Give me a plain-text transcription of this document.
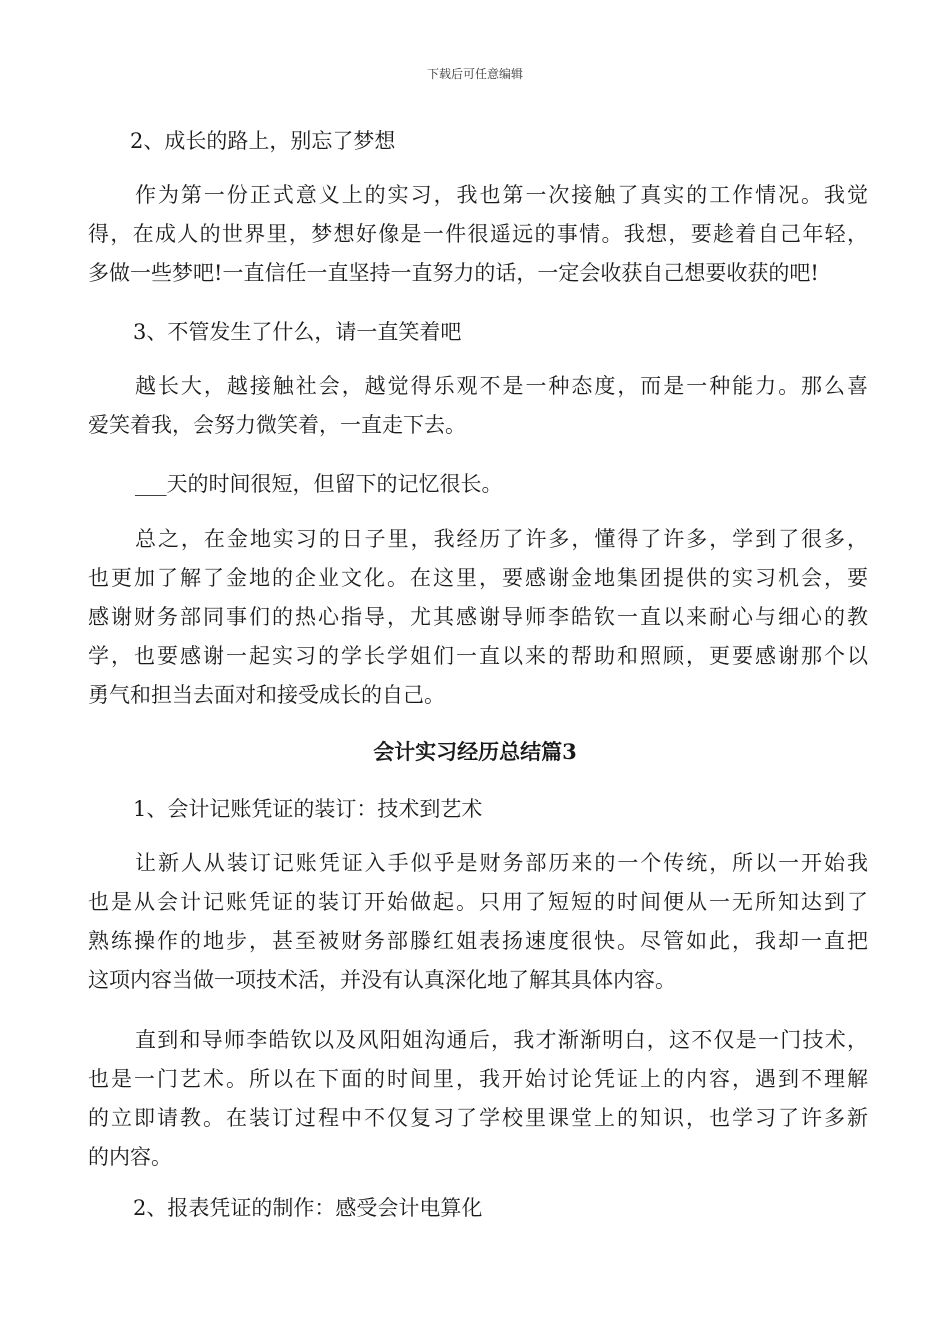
下载后可任意编辑

2、成长的路上，别忘了梦想

作为第一份正式意义上的实习，我也第一次接触了真实的工作情况。我觉
得，在成人的世界里，梦想好像是一件很遥远的事情。我想，要趁着自己年轻，
多做一些梦吧!一直信任一直坚持一直努力的话，一定会收获自己想要收获的吧!

3、不管发生了什么，请一直笑着吧

越长大，越接触社会，越觉得乐观不是一种态度，而是一种能力。那么喜
爱笑着我，会努力微笑着，一直走下去。

___天的时间很短，但留下的记忆很长。

总之，在金地实习的日子里，我经历了许多，懂得了许多，学到了很多，
也更加了解了金地的企业文化。在这里，要感谢金地集团提供的实习机会，要
感谢财务部同事们的热心指导，尤其感谢导师李皓钦一直以来耐心与细心的教
学，也要感谢一起实习的学长学姐们一直以来的帮助和照顾，更要感谢那个以
勇气和担当去面对和接受成长的自己。

会计实习经历总结篇3

1、会计记账凭证的装订：技术到艺术

让新人从装订记账凭证入手似乎是财务部历来的一个传统，所以一开始我
也是从会计记账凭证的装订开始做起。只用了短短的时间便从一无所知达到了
熟练操作的地步，甚至被财务部滕红姐表扬速度很快。尽管如此，我却一直把
这项内容当做一项技术活，并没有认真深化地了解其具体内容。

直到和导师李皓钦以及风阳姐沟通后，我才渐渐明白，这不仅是一门技术，
也是一门艺术。所以在下面的时间里，我开始讨论凭证上的内容，遇到不理解
的立即请教。在装订过程中不仅复习了学校里课堂上的知识，也学习了许多新
的内容。

2、报表凭证的制作：感受会计电算化
